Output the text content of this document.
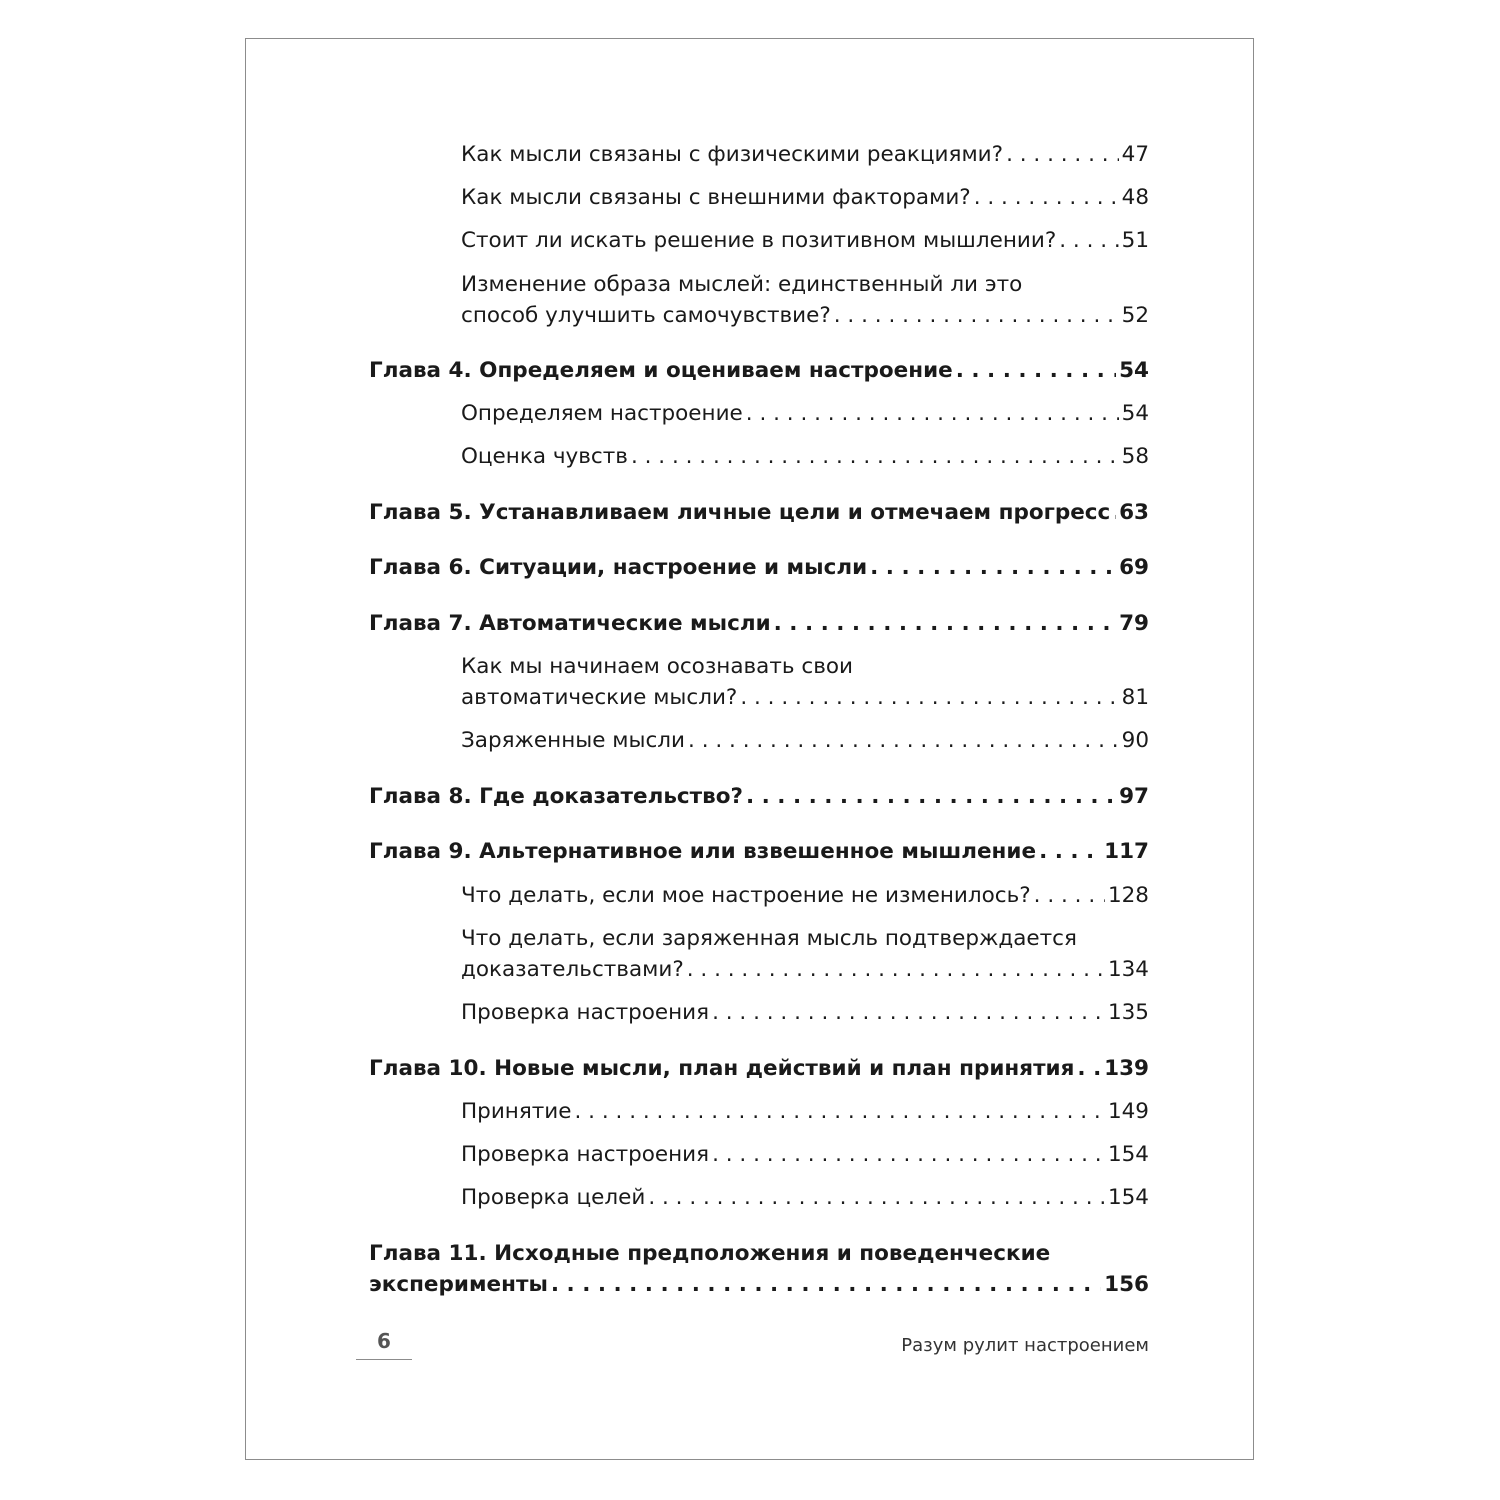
Как мысли связаны с физическими реакциями? . . .	47
Как мысли связаны с внешними факторами? . . .	48
Стоит ли искать решение в позитивном мышлении? . . .	51
Изменение образа мыслей: единственный ли это
способ улучшить самочувствие? . . .	52
Глава 4. Определяем и оцениваем настроение . . .	54
Определяем настроение . . .	54
Оценка чувств . . .	58
Глава 5. Устанавливаем личные цели и отмечаем прогресс . . . 63
Глава 6. Ситуации, настроение и мысли . . .	69
Глава 7. Автоматические мысли . . .	79
Как мы начинаем осознавать свои
автоматические мысли? . . .	81
Заряженные мысли . . .	90
Глава 8. Где доказательство? . . .	97
Глава 9. Альтернативное или взвешенное мышление . . .	117
Что делать, если мое настроение не изменилось? . . .	128
Что делать, если заряженная мысль подтверждается
доказательствами? . . .	134
Проверка настроения . . .	135
Глава 10. Новые мысли, план действий и план принятия . . . 139
Принятие . . .	149
Проверка настроения . . .	154
Проверка целей . . .	154
Глава 11. Исходные предположения и поведенческие
эксперименты . . .	156
6	Разум рулит настроением
